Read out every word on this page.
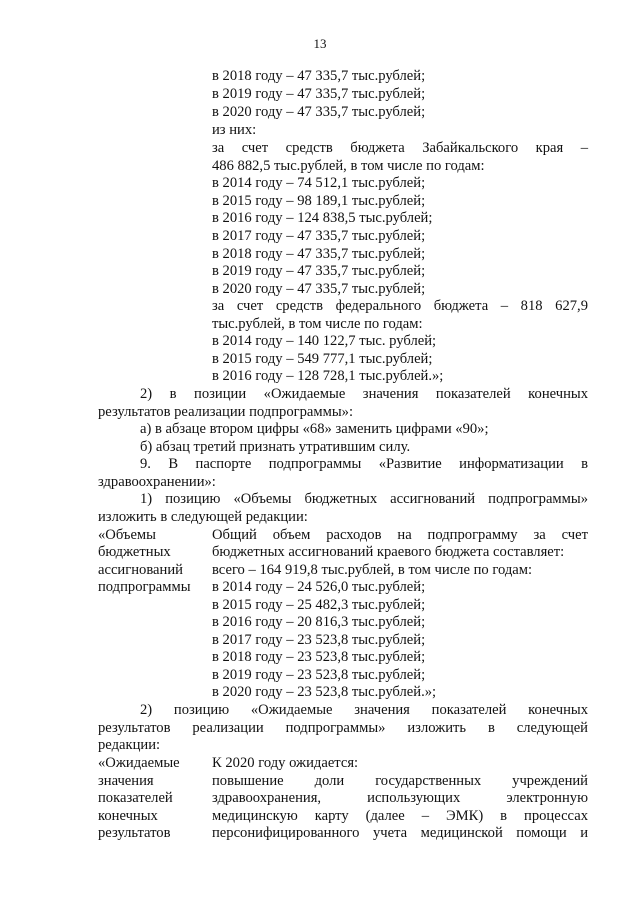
13
в 2018 году – 47 335,7 тыс.рублей;
в 2019 году – 47 335,7 тыс.рублей;
в 2020 году – 47 335,7 тыс.рублей;
из них:
за счет средств бюджета Забайкальского края –
486 882,5 тыс.рублей, в том числе по годам:
в 2014 году – 74 512,1 тыс.рублей;
в 2015 году – 98 189,1 тыс.рублей;
в 2016 году – 124 838,5 тыс.рублей;
в 2017 году – 47 335,7 тыс.рублей;
в 2018 году – 47 335,7 тыс.рублей;
в 2019 году – 47 335,7 тыс.рублей;
в 2020 году – 47 335,7 тыс.рублей;
за счет средств федерального бюджета – 818 627,9
тыс.рублей, в том числе по годам:
в 2014 году – 140 122,7 тыс. рублей;
в 2015 году – 549 777,1 тыс.рублей;
в 2016 году – 128 728,1 тыс.рублей.»;
2) в позиции «Ожидаемые значения показателей конечных
результатов реализации подпрограммы»:
а) в абзаце втором цифры «68» заменить цифрами «90»;
б) абзац третий признать утратившим силу.
9. В паспорте подпрограммы «Развитие информатизации в
здравоохранении»:
1) позицию «Объемы бюджетных ассигнований подпрограммы»
изложить в следующей редакции:
«Объемы
бюджетных
ассигнований
подпрограммы
Общий объем расходов на подпрограмму за счет
бюджетных ассигнований краевого бюджета составляет:
всего – 164 919,8 тыс.рублей, в том числе по годам:
в 2014 году – 24 526,0 тыс.рублей;
в 2015 году – 25 482,3 тыс.рублей;
в 2016 году – 20 816,3 тыс.рублей;
в 2017 году – 23 523,8 тыс.рублей;
в 2018 году – 23 523,8 тыс.рублей;
в 2019 году – 23 523,8 тыс.рублей;
в 2020 году – 23 523,8 тыс.рублей.»;
2) позицию «Ожидаемые значения показателей конечных
результатов реализации подпрограммы» изложить в следующей
редакции:
«Ожидаемые
значения
показателей
конечных
результатов
К 2020 году ожидается:
повышение доли государственных учреждений
здравоохранения, использующих электронную
медицинскую карту (далее – ЭМК) в процессах
персонифицированного учета медицинской помощи и
